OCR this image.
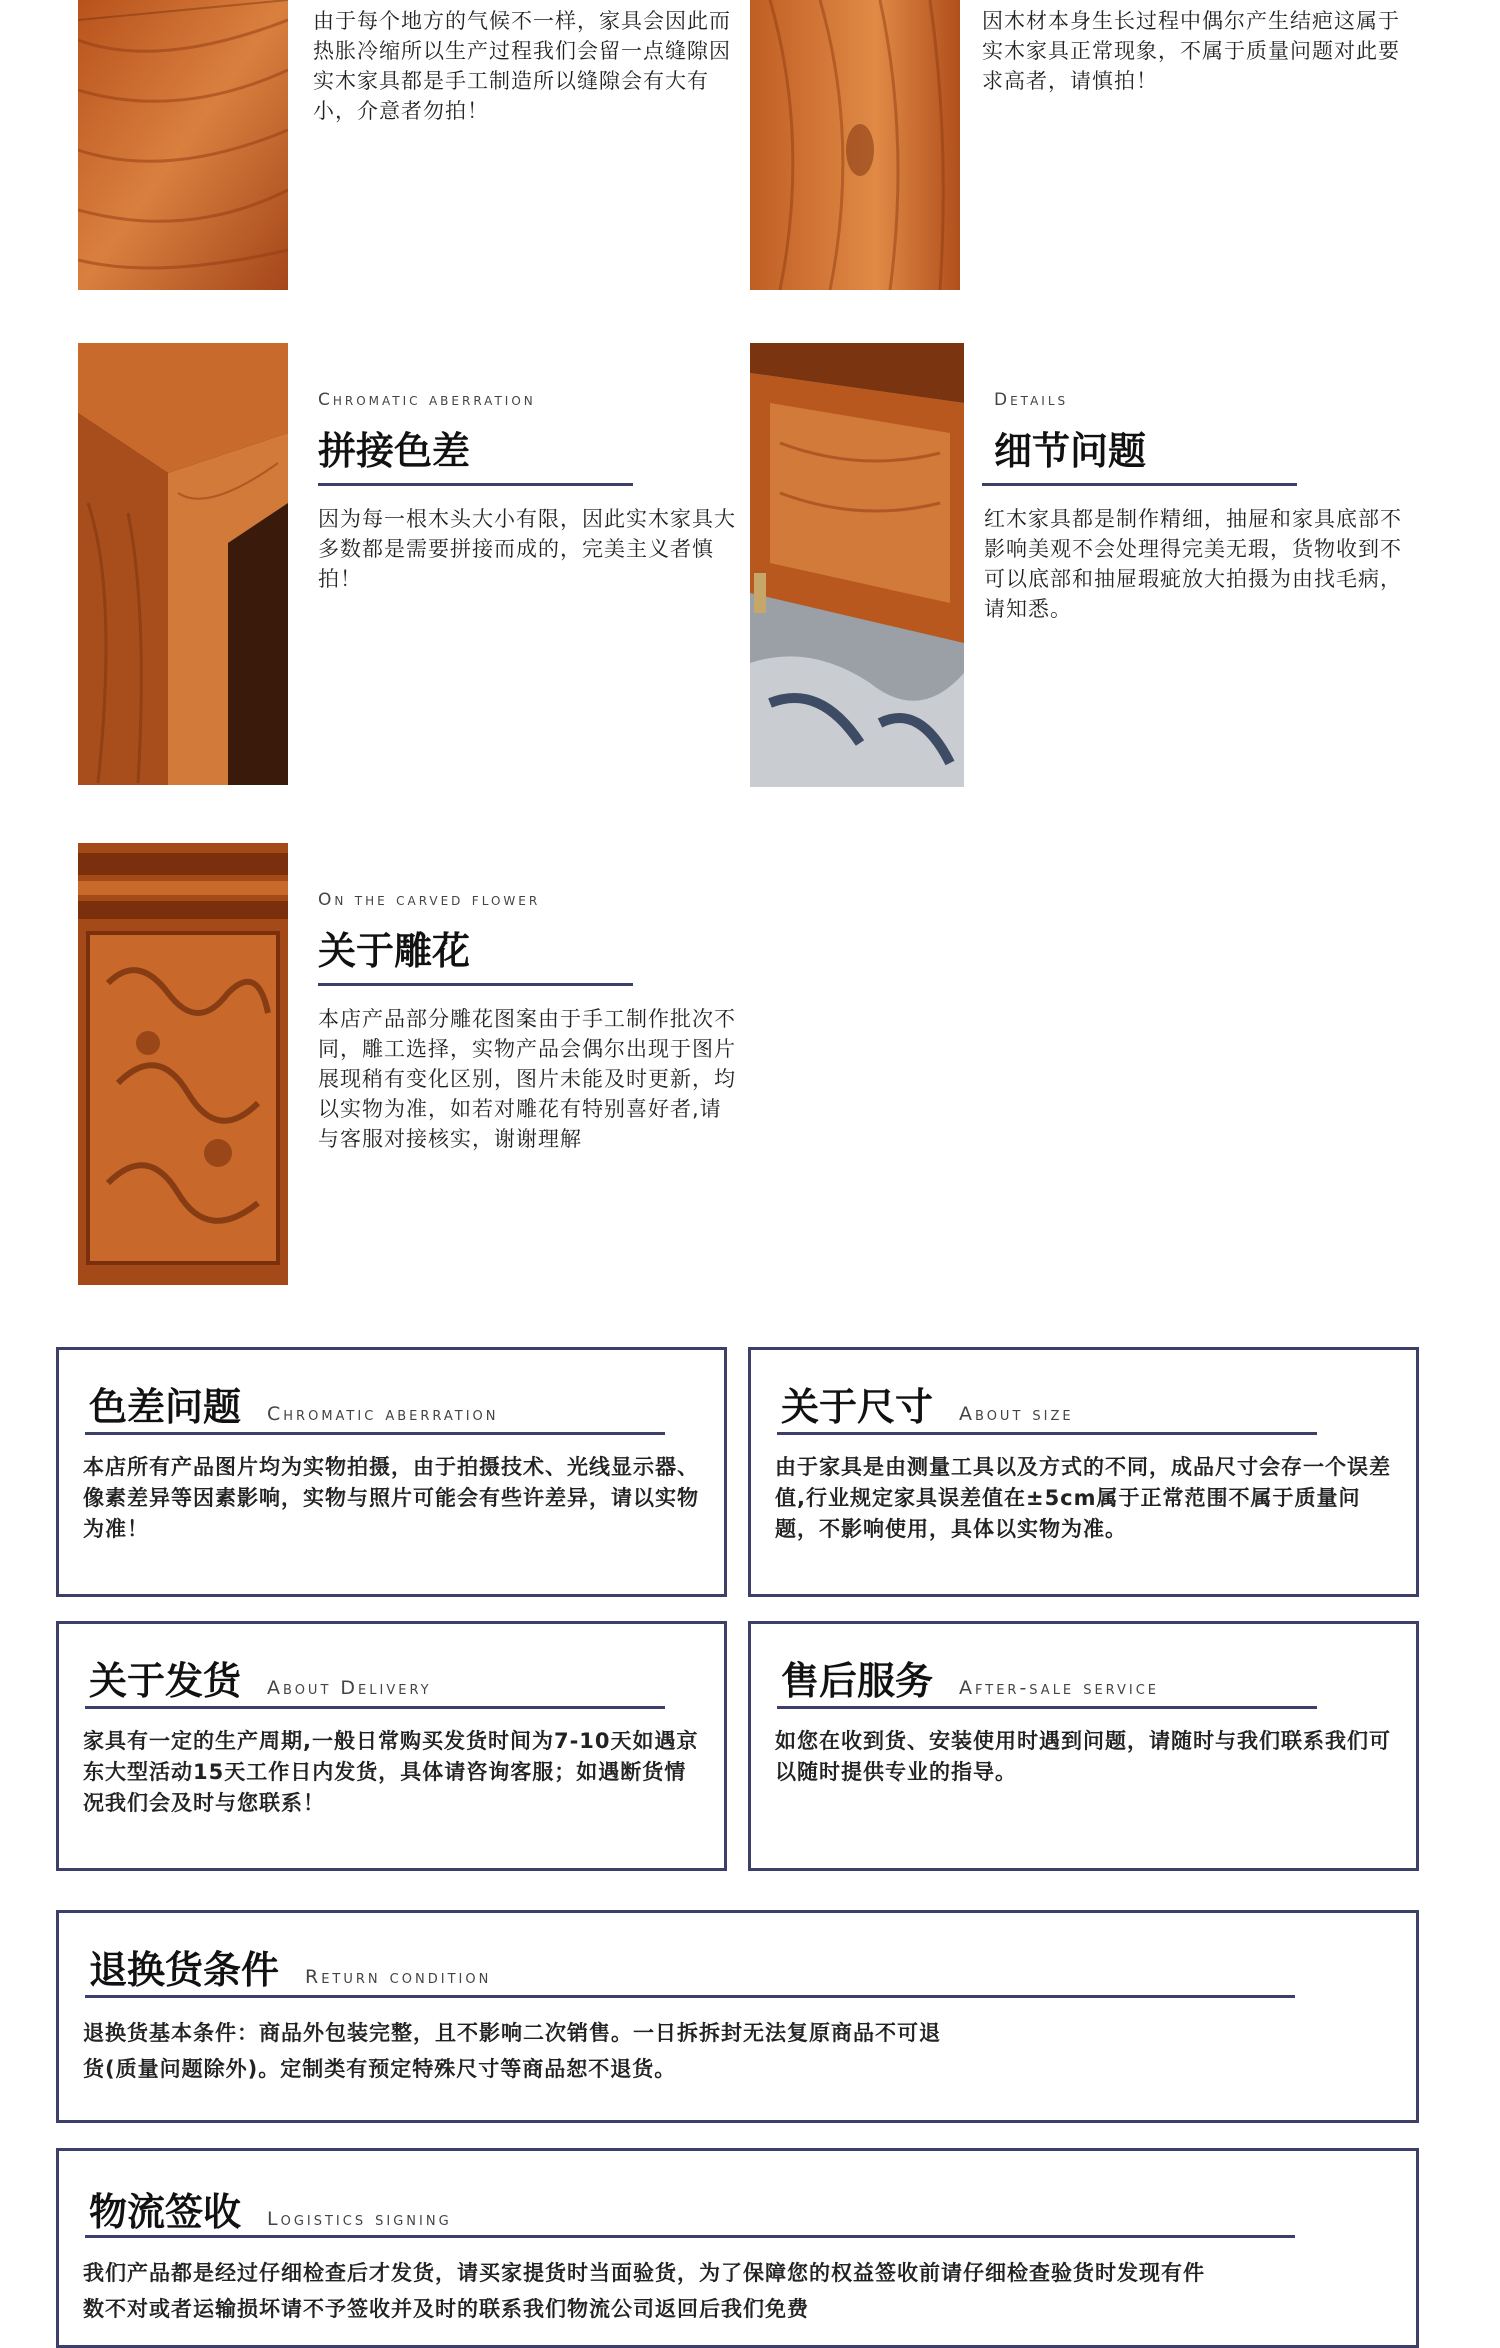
由于每个地方的气候不一样，家具会因此而热胀冷缩所以生产过程我们会留一点缝隙因实木家具都是手工制造所以缝隙会有大有小，介意者勿拍！
因木材本身生长过程中偶尔产生结疤这属于实木家具正常现象，不属于质量问题对此要求高者，请慎拍！
Chromatic aberration
拼接色差
因为每一根木头大小有限，因此实木家具大多数都是需要拼接而成的，完美主义者慎拍！
Details
细节问题
红木家具都是制作精细，抽屉和家具底部不影响美观不会处理得完美无瑕，货物收到不可以底部和抽屉瑕疵放大拍摄为由找毛病，请知悉。
On the carved flower
关于雕花
本店产品部分雕花图案由于手工制作批次不同，雕工选择，实物产品会偶尔出现于图片展现稍有变化区别，图片未能及时更新，均以实物为准，如若对雕花有特别喜好者,请与客服对接核实，谢谢理解
色差问题 Chromatic aberration
本店所有产品图片均为实物拍摄，由于拍摄技术、光线显示器、像素差异等因素影响，实物与照片可能会有些许差异，请以实物为准！
关于尺寸 About size
由于家具是由测量工具以及方式的不同，成品尺寸会存一个误差值,行业规定家具误差值在±5cm属于正常范围不属于质量问题，不影响使用，具体以实物为准。
关于发货 About Delivery
家具有一定的生产周期,一般日常购买发货时间为7-10天如遇京东大型活动15天工作日内发货，具体请咨询客服；如遇断货情况我们会及时与您联系！
售后服务 After-sale service
如您在收到货、安装使用时遇到问题，请随时与我们联系我们可以随时提供专业的指导。
退换货条件 Return condition
退换货基本条件：商品外包装完整，且不影响二次销售。一日拆拆封无法复原商品不可退货(质量问题除外)。定制类有预定特殊尺寸等商品恕不退货。
物流签收 Logistics signing
我们产品都是经过仔细检查后才发货，请买家提货时当面验货，为了保障您的权益签收前请仔细检查验货时发现有件数不对或者运输损坏请不予签收并及时的联系我们物流公司返回后我们免费
